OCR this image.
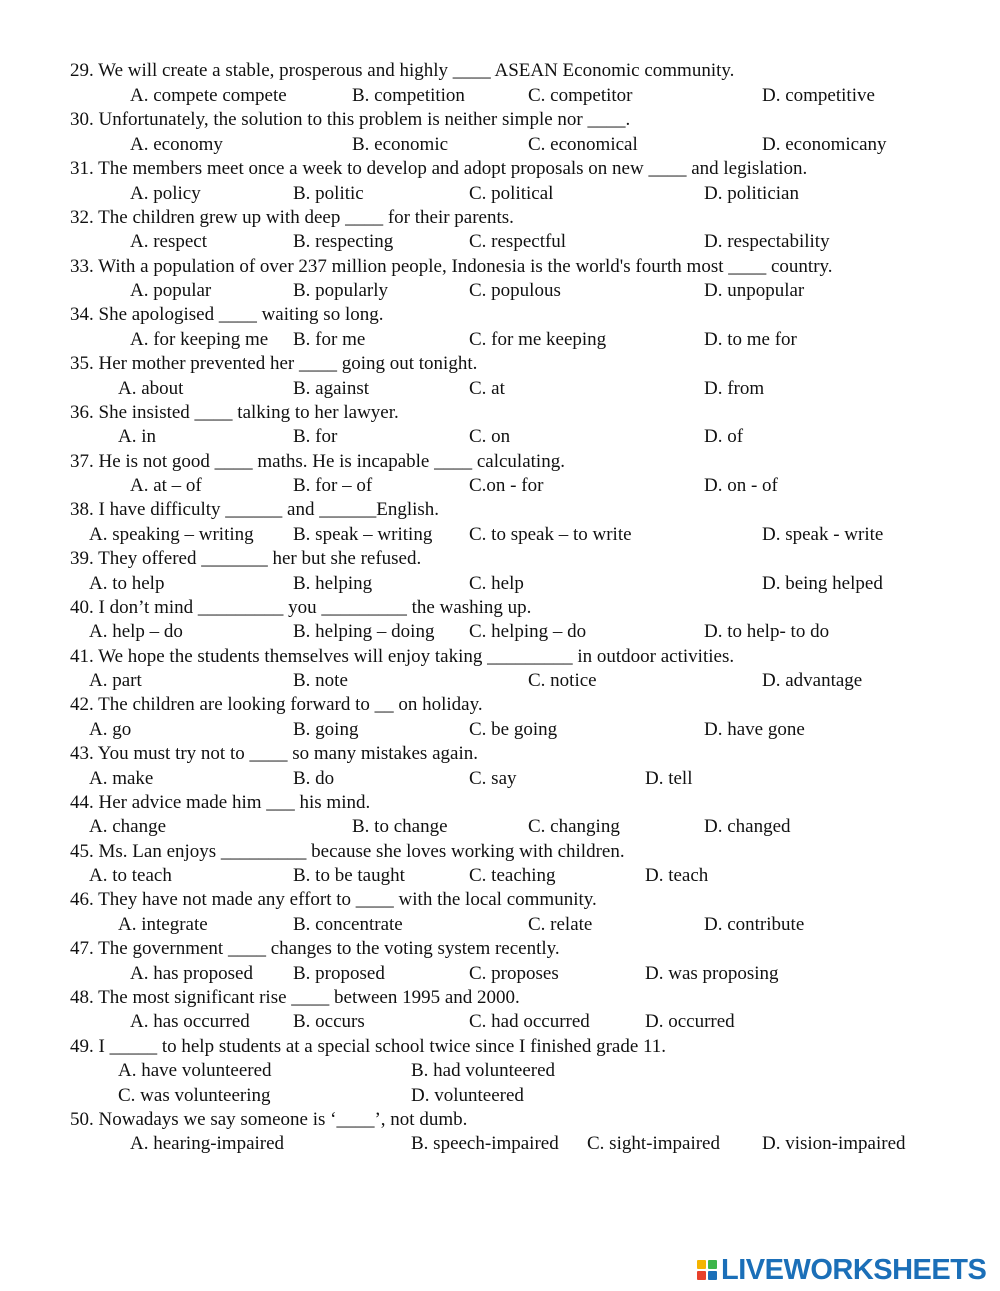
29. We will create a stable, prosperous and highly ____ ASEAN Economic community.
A. compete compete	B. competition	C. competitor	D. competitive
30. Unfortunately, the solution to this problem is neither simple nor ____.
A. economy	B. economic	C. economical	D. economicany
31. The members meet once a week to develop and adopt proposals on new ____ and legislation.
A. policy	B. politic	C. political	D. politician
32. The children grew up with deep ____ for their parents.
A. respect	B. respecting	C. respectful	D. respectability
33. With a population of over 237 million people, Indonesia is the world's fourth most ____ country.
A. popular	B. popularly	C. populous	D. unpopular
34. She apologised ____ waiting so long.
A. for keeping me B. for me	C. for me keeping	D. to me for
35. Her mother prevented her ____ going out tonight.
A. about	B. against	C. at	D. from
36. She insisted ____ talking to her lawyer.
A. in	B. for	C. on	D. of
37. He is not good ____ maths. He is incapable ____ calculating.
A. at – of	B. for – of	C.on - for	D. on - of
38. I have difficulty ______ and ______English.
A. speaking – writing B. speak – writing C. to speak – to write	D. speak - write
39. They offered _______ her but she refused.
A. to help	B. helping	C. help	D. being helped
40. I don’t mind _________ you _________ the washing up.
A. help – do	B. helping – doing C. helping – do	D. to help- to do
41. We hope the students themselves will enjoy taking _________ in outdoor activities.
A. part	B. note	C. notice	D. advantage
42. The children are looking forward to __ on holiday.
A. go	B. going	C. be going	D. have gone
43. You must try not to ____ so many mistakes again.
A. make	B. do	C. say	D. tell
44. Her advice made him ___ his mind.
A. change	B. to change	C. changing	D. changed
45. Ms. Lan enjoys _________ because she loves working with children.
A. to teach	B. to be taught	C. teaching	D. teach
46. They have not made any effort to ____ with the local community.
A. integrate	B. concentrate	C. relate	D. contribute
47. The government ____ changes to the voting system recently.
A. has proposed B. proposed	C. proposes	D. was proposing
48. The most significant rise ____ between 1995 and 2000.
A. has occurred B. occurs	C. had occurred	D. occurred
49. I _____ to help students at a special school twice since I finished grade 11.
A. have volunteered	B. had volunteered
C. was volunteering	D. volunteered
50. Nowadays we say someone is ‘____’, not dumb.
A. hearing-impaired	B. speech-impaired C. sight-impaired D. vision-impaired
LIVEWORKSHEETS
